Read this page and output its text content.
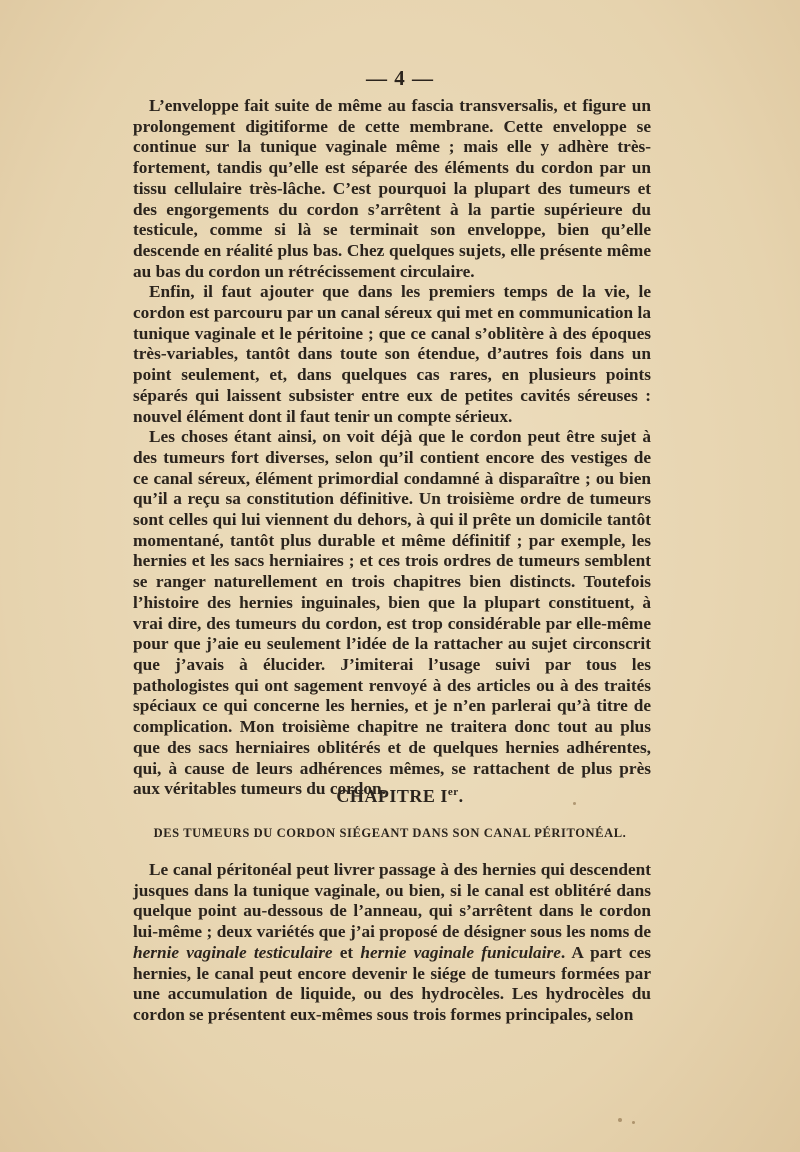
— 4 —

L’enveloppe fait suite de même au fascia transversalis, et figure un prolongement digitiforme de cette membrane. Cette enveloppe se continue sur la tunique vaginale même ; mais elle y adhère très-fortement, tandis qu’elle est séparée des éléments du cordon par un tissu cellulaire très-lâche. C’est pourquoi la plupart des tumeurs et des engorgements du cordon s’arrêtent à la partie supérieure du testicule, comme si là se terminait son enveloppe, bien qu’elle descende en réalité plus bas. Chez quelques sujets, elle présente même au bas du cordon un rétrécissement circulaire.

Enfin, il faut ajouter que dans les premiers temps de la vie, le cordon est parcouru par un canal séreux qui met en communication la tunique vaginale et le péritoine ; que ce canal s’oblitère à des époques très-variables, tantôt dans toute son étendue, d’autres fois dans un point seulement, et, dans quelques cas rares, en plusieurs points séparés qui laissent subsister entre eux de petites cavités séreuses : nouvel élément dont il faut tenir un compte sérieux.

Les choses étant ainsi, on voit déjà que le cordon peut être sujet à des tumeurs fort diverses, selon qu’il contient encore des vestiges de ce canal séreux, élément primordial condamné à disparaître ; ou bien qu’il a reçu sa constitution définitive. Un troisième ordre de tumeurs sont celles qui lui viennent du dehors, à qui il prête un domicile tantôt momentané, tantôt plus durable et même définitif ; par exemple, les hernies et les sacs herniaires ; et ces trois ordres de tumeurs semblent se ranger naturellement en trois chapitres bien distincts. Toutefois l’histoire des hernies inguinales, bien que la plupart constituent, à vrai dire, des tumeurs du cordon, est trop considérable par elle-même pour que j’aie eu seulement l’idée de la rattacher au sujet circonscrit que j’avais à élucider. J’imiterai l’usage suivi par tous les pathologistes qui ont sagement renvoyé à des articles ou à des traités spéciaux ce qui concerne les hernies, et je n’en parlerai qu’à titre de complication. Mon troisième chapitre ne traitera donc tout au plus que des sacs herniaires oblitérés et de quelques hernies adhérentes, qui, à cause de leurs adhérences mêmes, se rattachent de plus près aux véritables tumeurs du cordon.

CHAPITRE Ier.
DES TUMEURS DU CORDON SIÉGEANT DANS SON CANAL PÉRITONÉAL.

Le canal péritonéal peut livrer passage à des hernies qui descendent jusques dans la tunique vaginale, ou bien, si le canal est oblitéré dans quelque point au-dessous de l’anneau, qui s’arrêtent dans le cordon lui-même ; deux variétés que j’ai proposé de désigner sous les noms de hernie vaginale testiculaire et hernie vaginale funiculaire. A part ces hernies, le canal peut encore devenir le siége de tumeurs formées par une accumulation de liquide, ou des hydrocèles. Les hydrocèles du cordon se présentent eux-mêmes sous trois formes principales, selon
